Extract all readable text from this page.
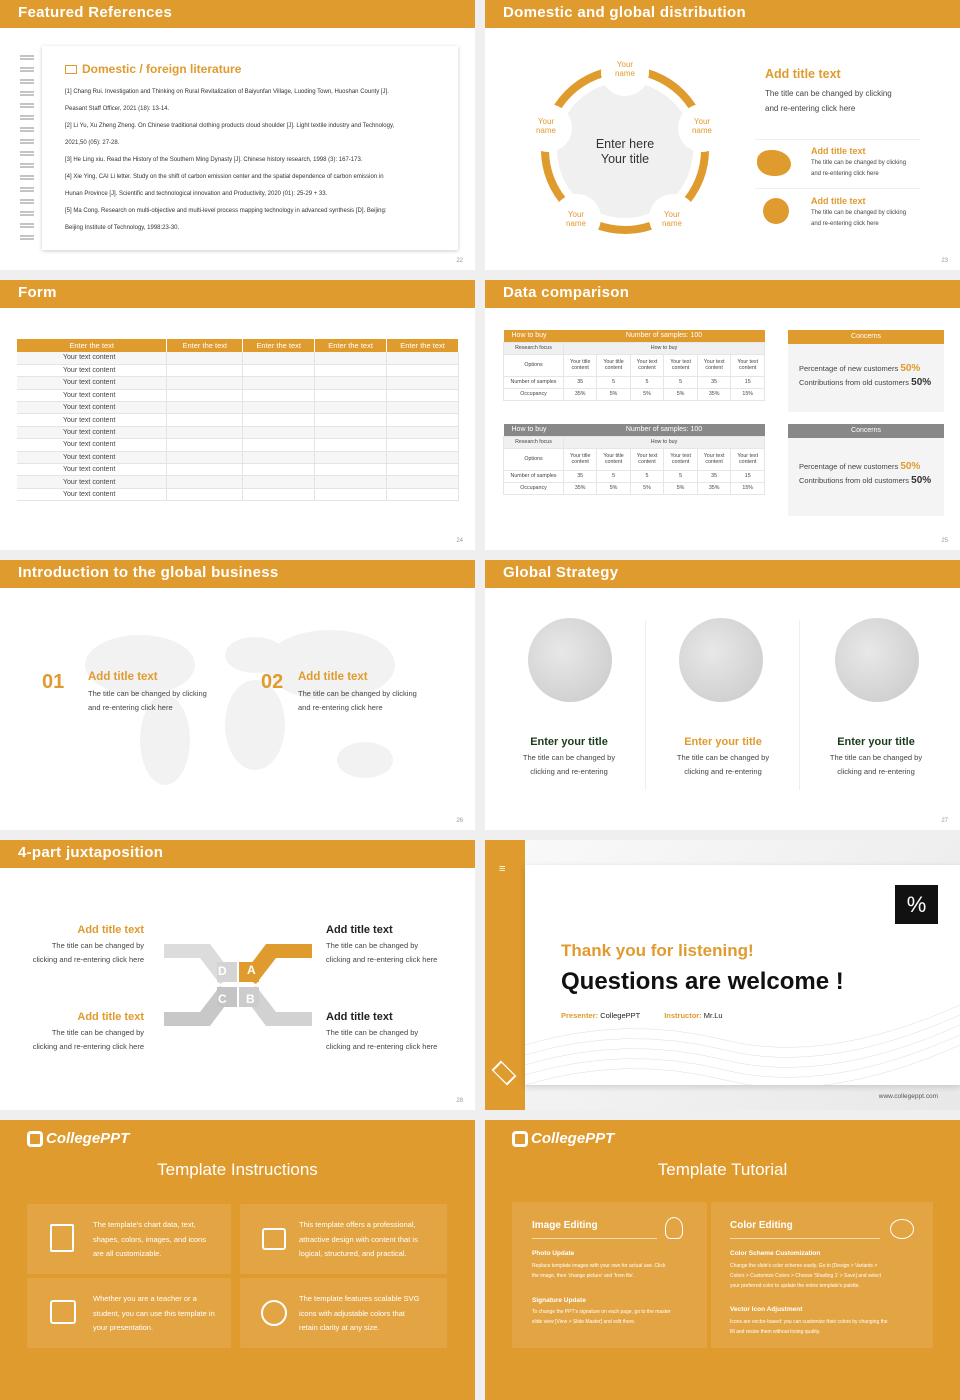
Featured References
Domestic / foreign literature

[1] Chang Rui. Investigation and Thinking on Rural Revitalization of Baiyunfan Village, Luoding Town, Huoshan County [J].

Peasant Staff Officer, 2021 (18): 13-14.

[2] Li Yu, Xu Zheng Zheng. On Chinese traditional clothing products cloud shoulder [J]. Light textile industry and Technology,

2021,50 (05): 27-28.

[3] He Ling xiu. Read the History of the Southern Ming Dynasty [J]. Chinese history research, 1998 (3): 167-173.

[4] Xie Ying, CAI Li letter. Study on the shift of carbon emission center and the spatial dependence of carbon emission in

Hunan Province [J]. Scientific and technological innovation and Productivity, 2020 (01): 25-29 + 33.

[5] Ma Cong. Research on multi-objective and multi-level process mapping technology in advanced synthesis [D]. Beijing:

Beijing Institute of Technology, 1998:23-30.

22
Domestic and global distribution
Enter here
Your title
Your
name
Your
name
Your
name
Your
name
Your
name
Add title text
The title can be changed by clicking
and re-entering click here
Add title text
The title can be changed by clicking
and re-entering click here
Add title text
The title can be changed by clicking
and re-entering click here
23
Form
Enter the text	Enter the text	Enter the text	Enter the text	Enter the text
Your text content				
Your text content				
Your text content				
Your text content				
Your text content				
Your text content				
Your text content				
Your text content				
Your text content				
Your text content				
Your text content				
Your text content				
24
Data comparison
How to buy	Number of samples: 100					
Research focus	How to buy					
Options	Your title content	Your title content	Your text content	Your text content	Your text content	Your text content
Number of samples	35	5	5	5	35	15
Occupancy	35%	5%	5%	5%	35%	15%
How to buy	Number of samples: 100					
Research focus	How to buy					
Options	Your title content	Your title content	Your text content	Your text content	Your text content	Your text content
Number of samples	35	5	5	5	35	15
Occupancy	35%	5%	5%	5%	35%	15%
Concerns
Percentage of new customers 50%
Contributions from old customers 50%
Concerns
Percentage of new customers 50%
Contributions from old customers 50%
25
Introduction to the global business
01 Add title text
The title can be changed by clicking
and re-entering click here
02 Add title text
The title can be changed by clicking
and re-entering click here
26
Global Strategy
Enter your title
The title can be changed by
clicking and re-entering
Enter your title
The title can be changed by
clicking and re-entering
Enter your title
The title can be changed by
clicking and re-entering
27
4-part juxtaposition
Add title text
The title can be changed by
clicking and re-entering click here
Add title text
The title can be changed by
clicking and re-entering click here
Add title text
The title can be changed by
clicking and re-entering click here
Add title text
The title can be changed by
clicking and re-entering click here
D A
C B
28
≡
%
Thank you for listening!
Questions are welcome !
Presenter: CollegePPT	Instructor: Mr.Lu
www.collegeppt.com
CollegePPT
Template Instructions
The template's chart data, text,
shapes, colors, images, and icons
are all customizable.
This template offers a professional,
attractive design with content that is
logical, structured, and practical.
Whether you are a teacher or a
student, you can use this template in
your presentation.
The template features scalable SVG
icons with adjustable colors that
retain clarity at any size.
CollegePPT
Template Tutorial
Image Editing
Photo Update
Replace template images with your own for actual use. Click
the image, then 'change picture' and 'from file'.
Signature Update
To change the PPT's signature on each page, go to the master
slide view [View > Slide Master] and edit there.
Color Editing
Color Scheme Customization
Change the slide's color scheme easily. Go to [Design > Variants >
Colors > Customize Colors > Choose 'Shading 1' > Save] and select
your preferred color to update the entire template's palette.
Vector Icon Adjustment
Icons are vector-based: you can customize their colors by changing the
fill and resize them without losing quality.
